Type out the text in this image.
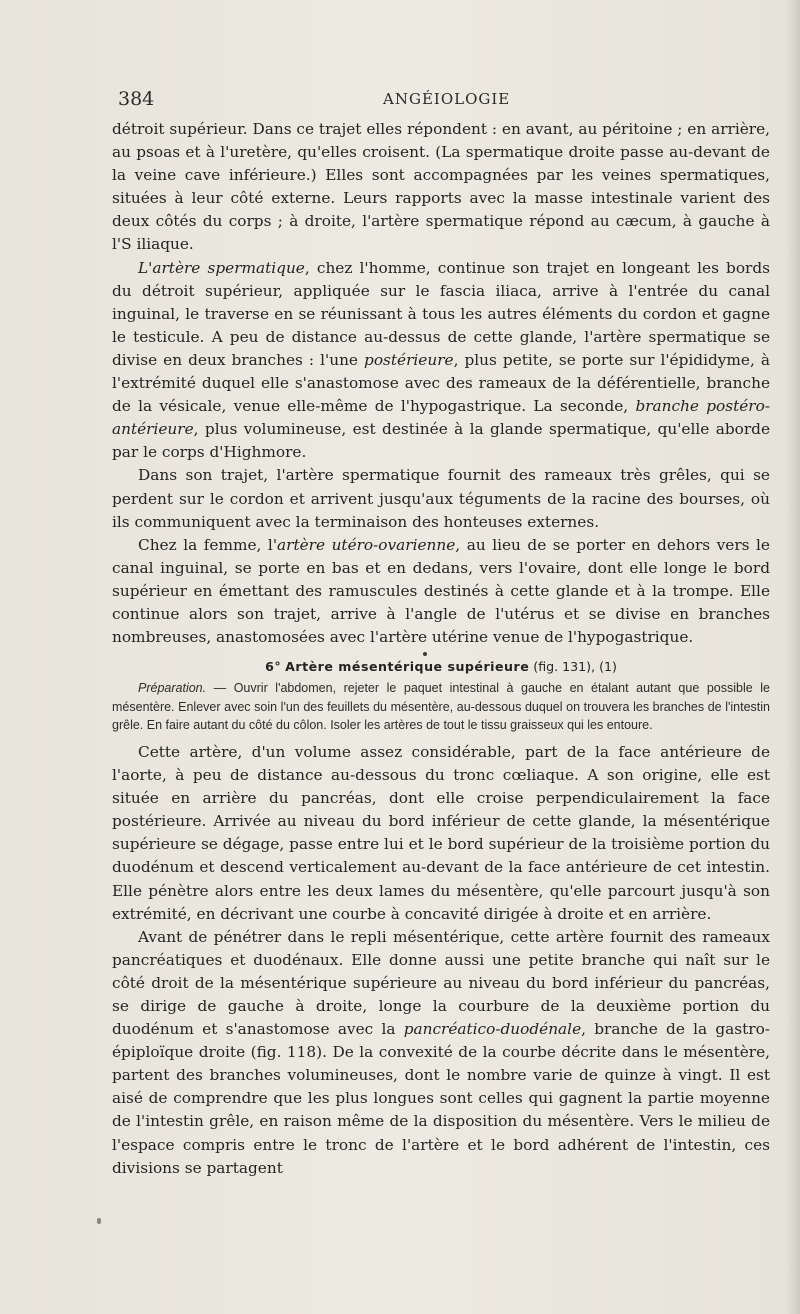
384	ANGÉIOLOGIE

détroit supérieur. Dans ce trajet elles répondent : en avant, au péritoine ; en arrière, au psoas et à l'uretère, qu'elles croisent. (La spermatique droite passe au-devant de la veine cave inférieure.) Elles sont accompagnées par les veines spermatiques, situées à leur côté externe. Leurs rapports avec la masse intestinale varient des deux côtés du corps ; à droite, l'artère spermatique répond au cæcum, à gauche à l'S iliaque.

L'artère spermatique, chez l'homme, continue son trajet en longeant les bords du détroit supérieur, appliquée sur le fascia iliaca, arrive à l'entrée du canal inguinal, le traverse en se réunissant à tous les autres éléments du cordon et gagne le testicule. A peu de distance au-dessus de cette glande, l'artère spermatique se divise en deux branches : l'une postérieure, plus petite, se porte sur l'épididyme, à l'extrémité duquel elle s'anastomose avec des rameaux de la déférentielle, branche de la vésicale, venue elle-même de l'hypogastrique. La seconde, branche postéro-antérieure, plus volumineuse, est destinée à la glande spermatique, qu'elle aborde par le corps d'Highmore.

Dans son trajet, l'artère spermatique fournit des rameaux très grêles, qui se perdent sur le cordon et arrivent jusqu'aux téguments de la racine des bourses, où ils communiquent avec la terminaison des honteuses externes.

Chez la femme, l'artère utéro-ovarienne, au lieu de se porter en dehors vers le canal inguinal, se porte en bas et en dedans, vers l'ovaire, dont elle longe le bord supérieur en émettant des ramuscules destinés à cette glande et à la trompe. Elle continue alors son trajet, arrive à l'angle de l'utérus et se divise en branches nombreuses, anastomosées avec l'artère utérine venue de l'hypogastrique.

6° Artère mésentérique supérieure (fig. 131), (1)

Préparation. — Ouvrir l'abdomen, rejeter le paquet intestinal à gauche en étalant autant que possible le mésentère. Enlever avec soin l'un des feuillets du mésentère, au-dessous duquel on trouvera les branches de l'intestin grêle. En faire autant du côté du côlon. Isoler les artères de tout le tissu graisseux qui les entoure.

Cette artère, d'un volume assez considérable, part de la face antérieure de l'aorte, à peu de distance au-dessous du tronc cœliaque. A son origine, elle est située en arrière du pancréas, dont elle croise perpendiculairement la face postérieure. Arrivée au niveau du bord inférieur de cette glande, la mésentérique supérieure se dégage, passe entre lui et le bord supérieur de la troisième portion du duodénum et descend verticalement au-devant de la face antérieure de cet intestin. Elle pénètre alors entre les deux lames du mésentère, qu'elle parcourt jusqu'à son extrémité, en décrivant une courbe à concavité dirigée à droite et en arrière.

Avant de pénétrer dans le repli mésentérique, cette artère fournit des rameaux pancréatiques et duodénaux. Elle donne aussi une petite branche qui naît sur le côté droit de la mésentérique supérieure au niveau du bord inférieur du pancréas, se dirige de gauche à droite, longe la courbure de la deuxième portion du duodénum et s'anastomose avec la pancréatico-duodénale, branche de la gastro-épiploïque droite (fig. 118). De la convexité de la courbe décrite dans le mésentère, partent des branches volumineuses, dont le nombre varie de quinze à vingt. Il est aisé de comprendre que les plus longues sont celles qui gagnent la partie moyenne de l'intestin grêle, en raison même de la disposition du mésentère. Vers le milieu de l'espace compris entre le tronc de l'artère et le bord adhérent de l'intestin, ces divisions se partagent
